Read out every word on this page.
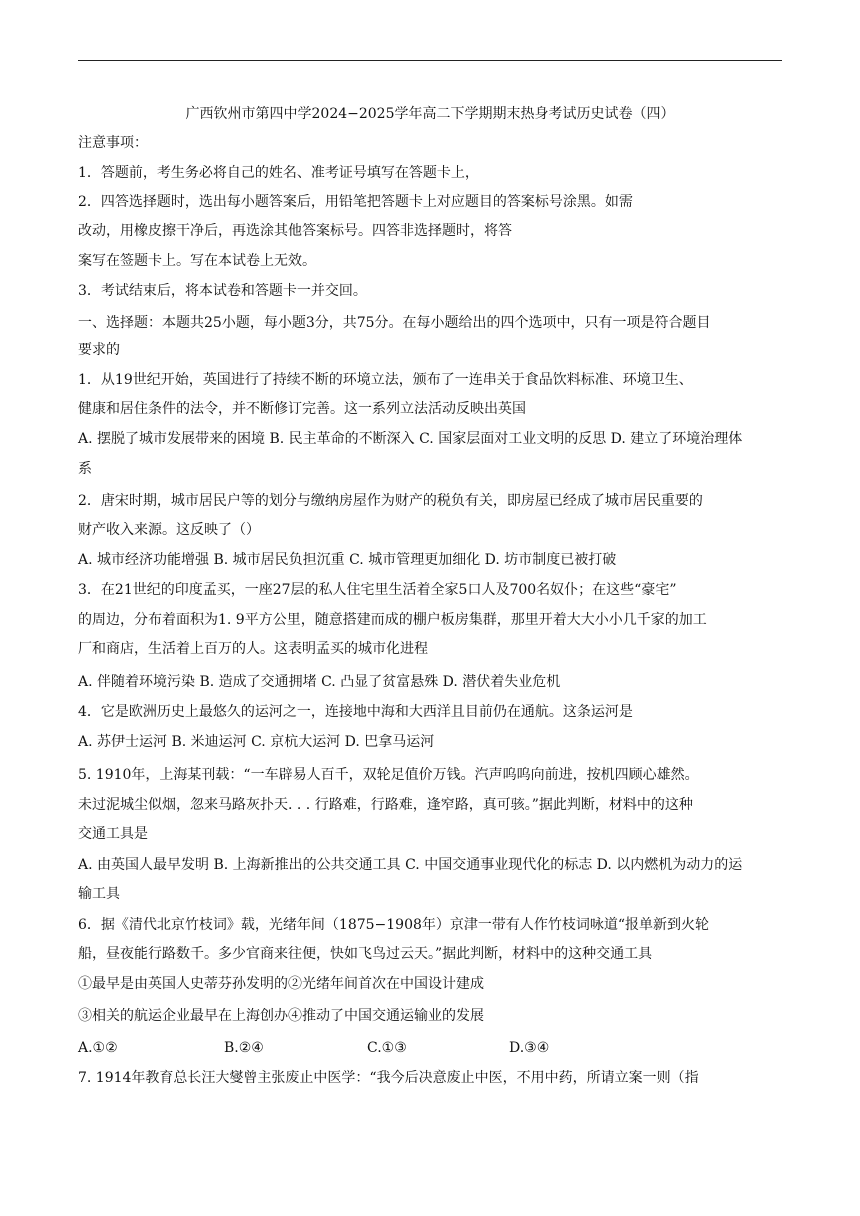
广西钦州市第四中学2024−2025学年高二下学期期末热身考试历史试卷（四）
注意事项：
1．答题前，考生务必将自己的姓名、准考证号填写在答题卡上，
2．四答选择题时，选出每小题答案后，用铅笔把答题卡上对应题目的答案标号涂黑。如需
改动，用橡皮擦干净后，再选涂其他答案标号。四答非选择题时，将答
案写在签题卡上。写在本试卷上无效。
3．考试结束后，将本试卷和答题卡一并交回。
一、选择题：本题共25小题，每小题3分，共75分。在每小题给出的四个选项中，只有一项是符合题目
要求的
1．从19世纪开始，英国进行了持续不断的环境立法，颁布了一连串关于食品饮料标准、环境卫生、
健康和居住条件的法令，并不断修订完善。这一系列立法活动反映出英国
A. 摆脱了城市发展带来的困境 B. 民主革命的不断深入 C. 国家层面对工业文明的反思 D. 建立了环境治理体
系
2．唐宋时期，城市居民户等的划分与缴纳房屋作为财产的税负有关，即房屋已经成了城市居民重要的
财产收入来源。这反映了（）
A. 城市经济功能增强 B. 城市居民负担沉重 C. 城市管理更加细化 D. 坊市制度已被打破
3．在21世纪的印度孟买，一座27层的私人住宅里生活着全家5口人及700名奴仆；在这些“豪宅”
的周边，分布着面积为1. 9平方公里，随意搭建而成的棚户板房集群，那里开着大大小小几千家的加工
厂和商店，生活着上百万的人。这表明孟买的城市化进程
A. 伴随着环境污染 B. 造成了交通拥堵 C. 凸显了贫富悬殊 D. 潜伏着失业危机
4．它是欧洲历史上最悠久的运河之一，连接地中海和大西洋且目前仍在通航。这条运河是
A. 苏伊士运河 B. 米迪运河 C. 京杭大运河 D. 巴拿马运河
5. 1910年，上海某刊载：“一车辟易人百千，双轮足值价万钱。汽声呜呜向前进，按机四顾心雄然。
未过泥城尘似烟，忽来马路灰扑天. . . 行路难，行路难，逢窄路，真可骇。”据此判断，材料中的这种
交通工具是
A. 由英国人最早发明 B. 上海新推出的公共交通工具 C. 中国交通事业现代化的标志 D. 以内燃机为动力的运
输工具
6．据《清代北京竹枝词》载，光绪年间（1875−1908年）京津一带有人作竹枝词咏道“报单新到火轮
船，昼夜能行路数千。多少官商来往便，快如飞鸟过云天。”据此判断，材料中的这种交通工具
①最早是由英国人史蒂芬孙发明的②光绪年间首次在中国设计建成
③相关的航运企业最早在上海创办④推动了中国交通运输业的发展
A.①②	B.②④	C.①③	D.③④
7. 1914年教育总长汪大燮曾主张废止中医学：“我今后决意废止中医，不用中药，所请立案一则（指
